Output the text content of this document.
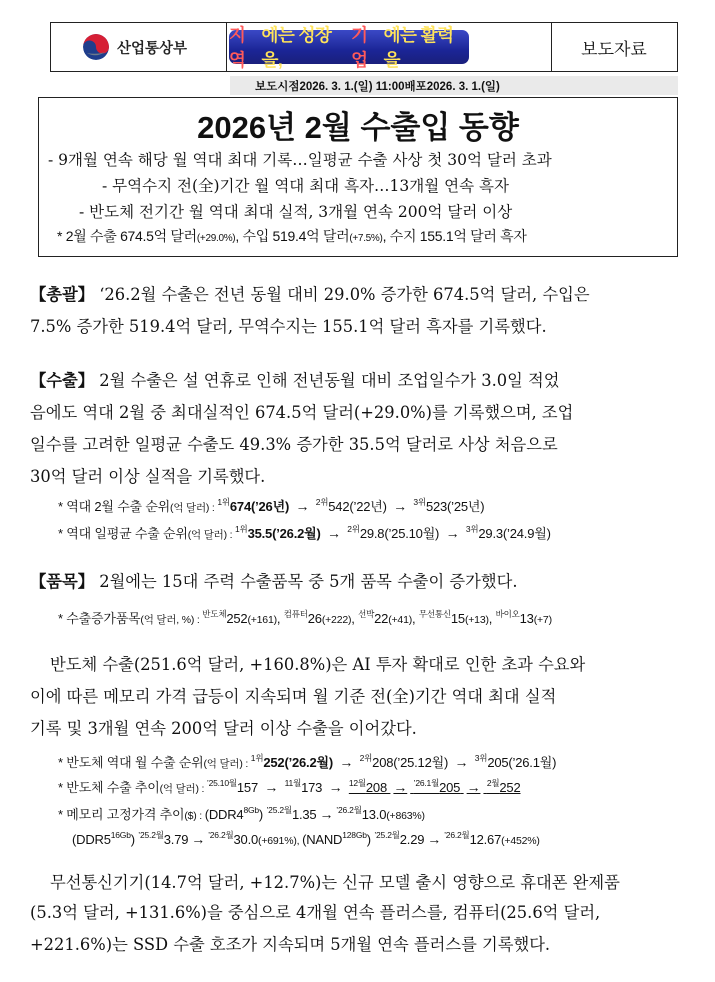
산업통상부
지역
에는 성장을,
기업
에는 활력을
보도자료
보도시점 2026. 3. 1.(일) 11:00 배포 2026. 3. 1.(일)
2026년 2월 수출입 동향
- 9개월 연속 해당 월 역대 최대 기록…일평균 수출 사상 첫 30억 달러 초과
- 무역수지 전(全)기간 월 역대 최대 흑자…13개월 연속 흑자
- 반도체 전기간 월 역대 최대 실적, 3개월 연속 200억 달러 이상
* 2월 수출 674.5억 달러(+29.0%), 수입 519.4억 달러(+7.5%), 수지 155.1억 달러 흑자
【총괄】 ‘26.2월 수출은 전년 동월 대비 29.0% 증가한 674.5억 달러, 수입은
7.5% 증가한 519.4억 달러, 무역수지는 155.1억 달러 흑자를 기록했다.
【수출】 2월 수출은 설 연휴로 인해 전년동월 대비 조업일수가 3.0일 적었
음에도 역대 2월 중 최대실적인 674.5억 달러(+29.0%)를 기록했으며, 조업
일수를 고려한 일평균 수출도 49.3% 증가한 35.5억 달러로 사상 처음으로
30억 달러 이상 실적을 기록했다.
* 역대 2월 수출 순위(억 달러) : $^{1위}$674(’26년) → $^{2위}$542(’22년) → $^{3위}$523(’25년)
* 역대 일평균 수출 순위(억 달러) : $^{1위}$35.5(’26.2월) → $^{2위}$29.8(’25.10월) → $^{3위}$29.3(’24.9월)
【품목】 2월에는 15대 주력 수출품목 중 5개 품목 수출이 증가했다.
* 수출증가품목(억 달러, %) : $^{반도체}$252(+161), $^{컴퓨터}$26(+222), $^{선박}$22(+41), $^{무선통신}$15(+13), $^{바이오}$13(+7)
반도체 수출(251.6억 달러, +160.8%)은 AI 투자 확대로 인한 초과 수요와
이에 따른 메모리 가격 급등이 지속되며 월 기준 전(全)기간 역대 최대 실적
기록 및 3개월 연속 200억 달러 이상 수출을 이어갔다.
* 반도체 역대 월 수출 순위(억 달러) : $^{1위}$252(’26.2월) → $^{2위}$208(’25.12월) → $^{3위}$205(’26.1월)
* 반도체 수출 추이(억 달러) : $^{’25.10월}$157 → $^{11월}$173 → $^{12월}$208 → $^{’26.1월}$205 → $^{2월}$252
* 메모리 고정가격 추이($) : $(DDR4^{8Gb}) ^{’25.2월}1.35 \to ^{’26.2월}13.0(+863\%)$
$(DDR5^{16Gb}) ^{’25.2월}3.79 \to ^{’26.2월}30.0(+691\%)$, $(NAND^{128Gb}) ^{’25.2월}2.29 \to ^{’26.2월}12.67(+452\%)$
무선통신기기(14.7억 달러, +12.7%)는 신규 모델 출시 영향으로 휴대폰 완제품
(5.3억 달러, +131.6%)을 중심으로 4개월 연속 플러스를, 컴퓨터(25.6억 달러,
+221.6%)는 SSD 수출 호조가 지속되며 5개월 연속 플러스를 기록했다.
